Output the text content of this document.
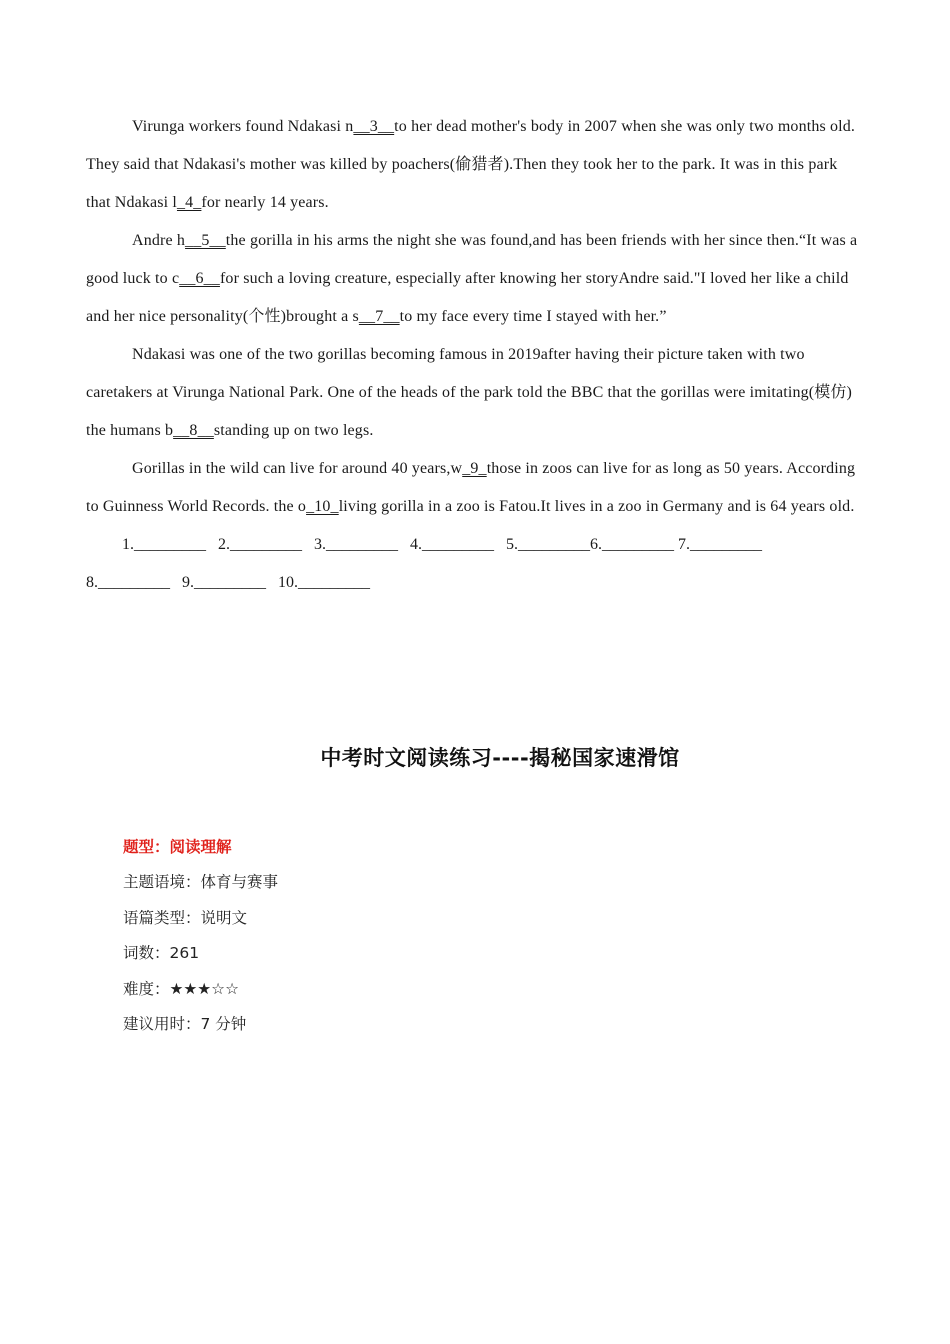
Virunga workers found Ndakasi n__3__to her dead mother's body in 2007 when she was only two months old. They said that Ndakasi's mother was killed by poachers(偷猎者).Then they took her to the park. It was in this park that Ndakasi l_4_for nearly 14 years.

Andre h__5__the gorilla in his arms the night she was found,and has been friends with her since then.“It was a good luck to c__6__for such a loving creature, especially after knowing her storyAndre said."I loved her like a child and her nice personality(个性)brought a s__7__to my face every time I stayed with her.”

Ndakasi was one of the two gorillas becoming famous in 2019after having their picture taken with two caretakers at Virunga National Park. One of the heads of the park told the BBC that the gorillas were imitating(模仿) the humans b__8__standing up on two legs.

Gorillas in the wild can live for around 40 years,w_9_those in zoos can live for as long as 50 years. According to Guinness World Records. the o_10_living gorilla in a zoo is Fatou.It lives in a zoo in Germany and is 64 years old.

1._________ 2._________ 3._________ 4._________ 5._________6._________ 7._________

8._________ 9._________ 10._________

中考时文阅读练习----揭秘国家速滑馆
题型：阅读理解
主题语境：体育与赛事
语篇类型：说明文
词数：261
难度：★★★☆☆
建议用时：7 分钟
